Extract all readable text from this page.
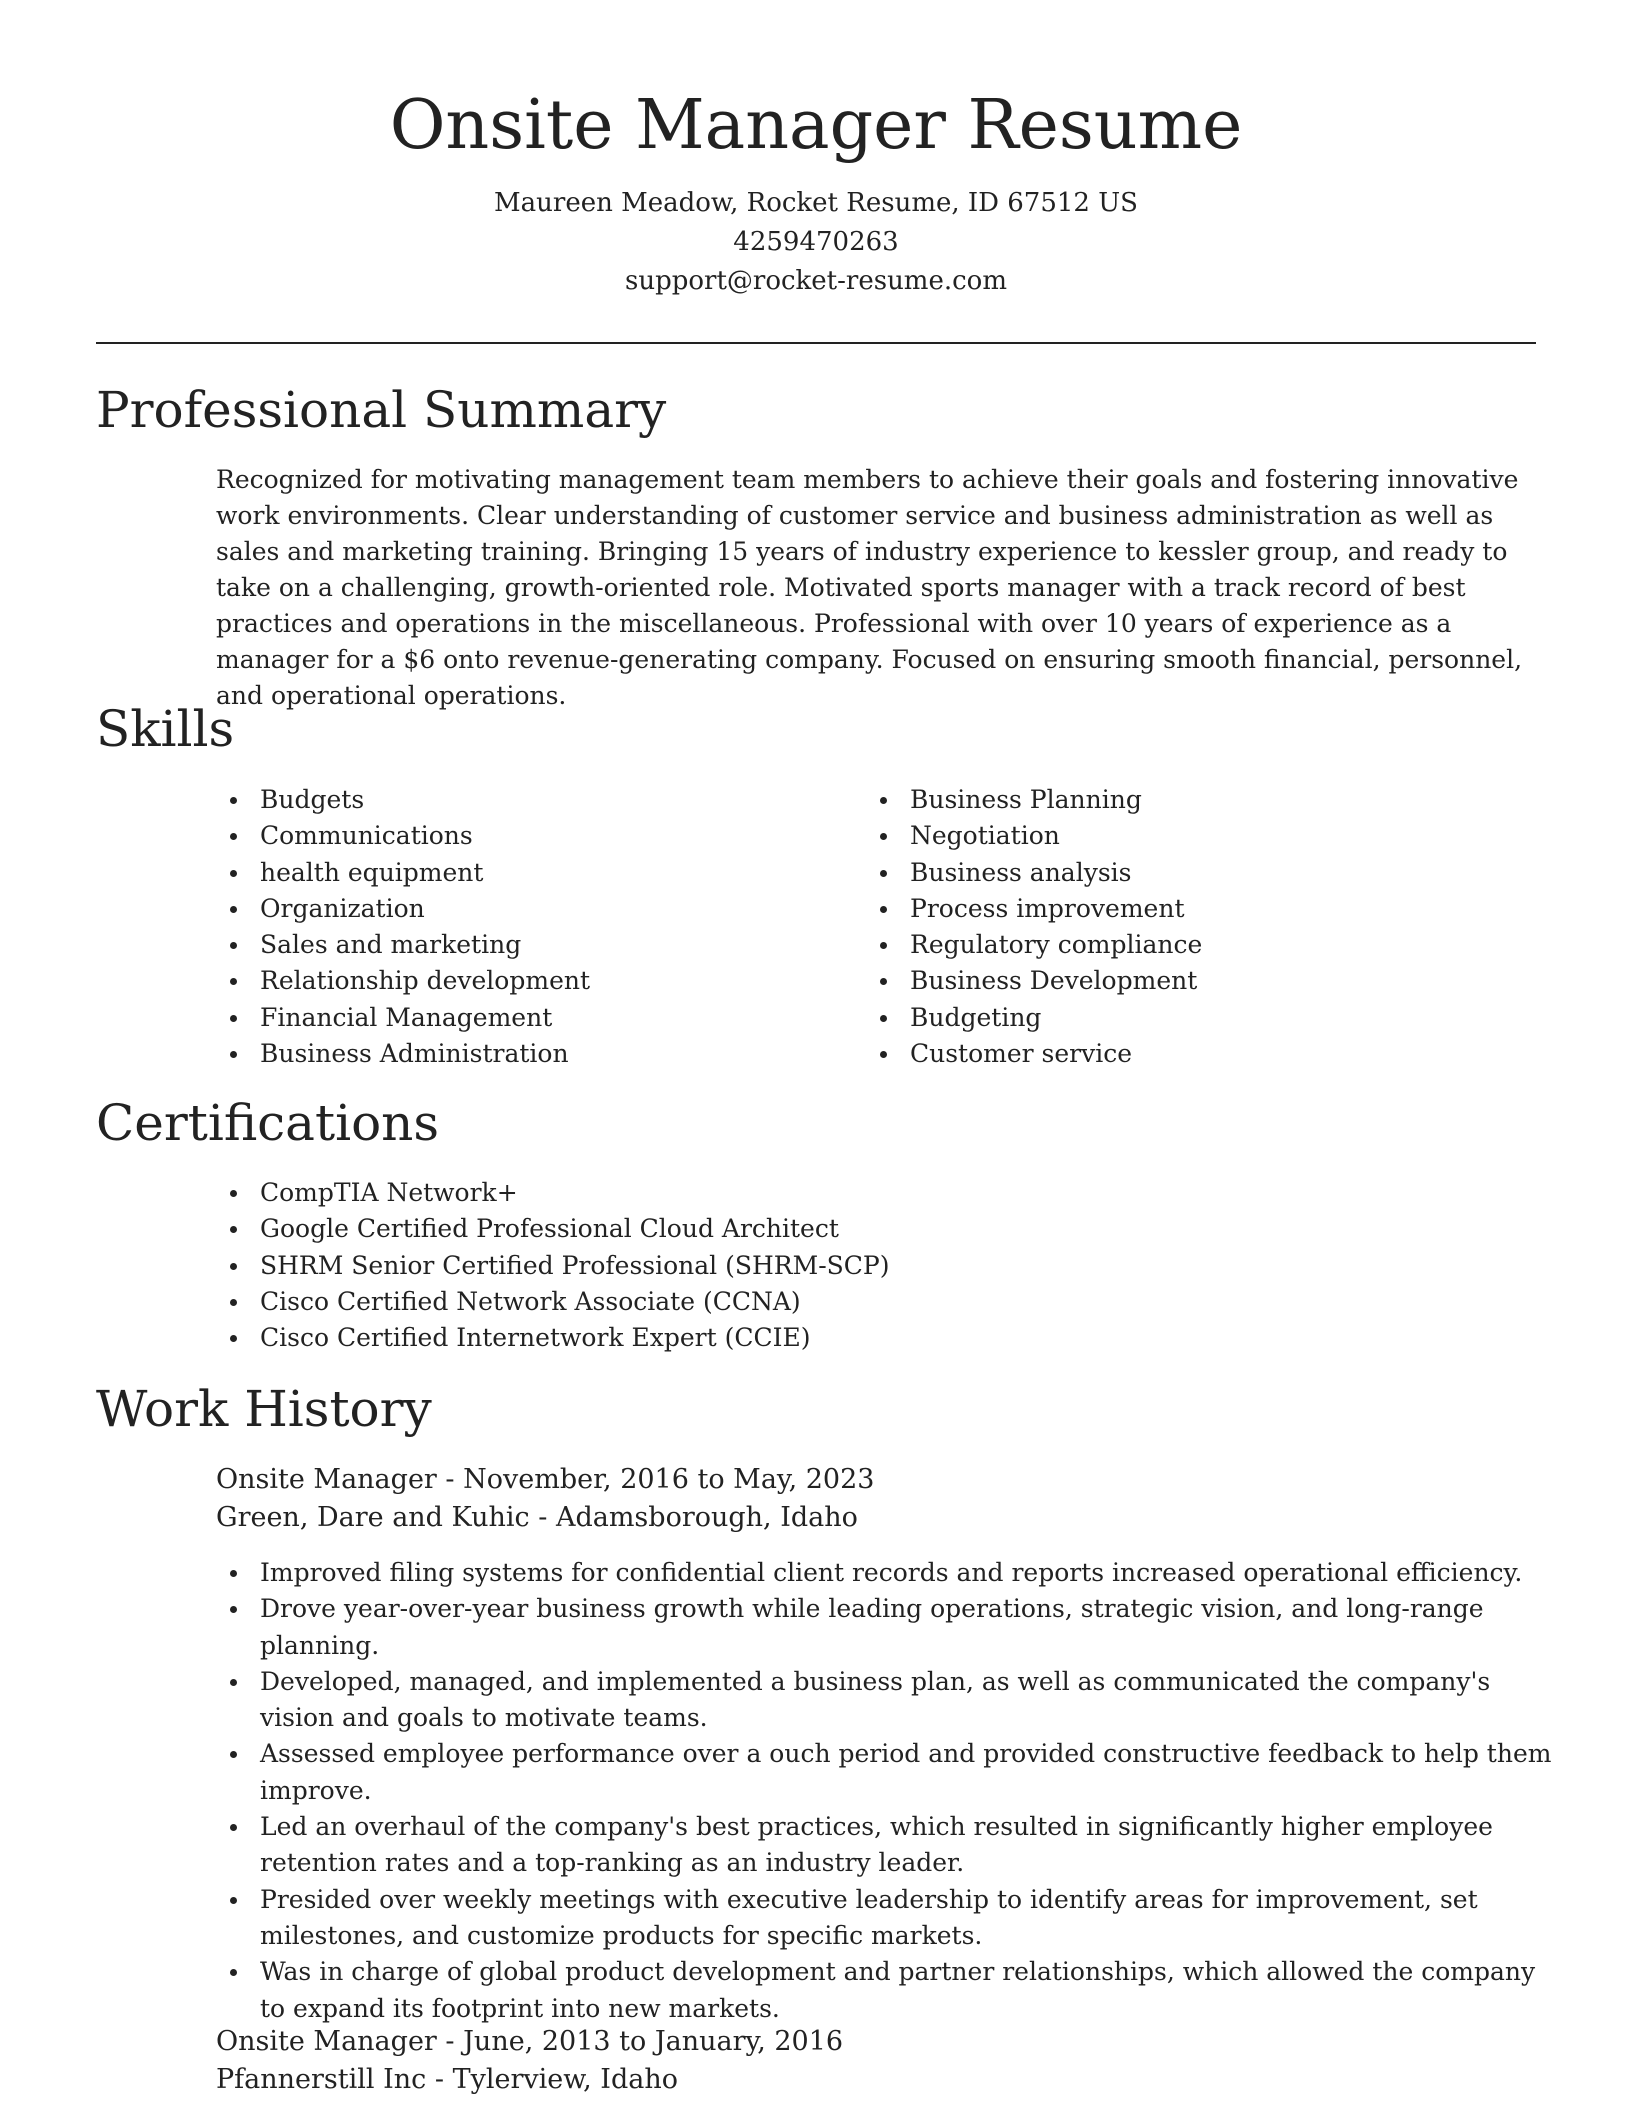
Onsite Manager Resume
Maureen Meadow, Rocket Resume, ID 67512 US
4259470263
support@rocket-resume.com
Professional Summary
Recognized for motivating management team members to achieve their goals and fostering innovative work environments. Clear understanding of customer service and business administration as well as sales and marketing training. Bringing 15 years of industry experience to kessler group, and ready to take on a challenging, growth-oriented role. Motivated sports manager with a track record of best practices and operations in the miscellaneous. Professional with over 10 years of experience as a manager for a $6 onto revenue-generating company. Focused on ensuring smooth financial, personnel, and operational operations.
Skills
Budgets
Communications
health equipment
Organization
Sales and marketing
Relationship development
Financial Management
Business Administration
Business Planning
Negotiation
Business analysis
Process improvement
Regulatory compliance
Business Development
Budgeting
Customer service
Certifications
CompTIA Network+
Google Certified Professional Cloud Architect
SHRM Senior Certified Professional (SHRM-SCP)
Cisco Certified Network Associate (CCNA)
Cisco Certified Internetwork Expert (CCIE)
Work History
Onsite Manager - November, 2016 to May, 2023
Green, Dare and Kuhic - Adamsborough, Idaho
Improved filing systems for confidential client records and reports increased operational efficiency.
Drove year-over-year business growth while leading operations, strategic vision, and long-range planning.
Developed, managed, and implemented a business plan, as well as communicated the company's vision and goals to motivate teams.
Assessed employee performance over a ouch period and provided constructive feedback to help them improve.
Led an overhaul of the company's best practices, which resulted in significantly higher employee retention rates and a top-ranking as an industry leader.
Presided over weekly meetings with executive leadership to identify areas for improvement, set milestones, and customize products for specific markets.
Was in charge of global product development and partner relationships, which allowed the company to expand its footprint into new markets.
Onsite Manager - June, 2013 to January, 2016
Pfannerstill Inc - Tylerview, Idaho
